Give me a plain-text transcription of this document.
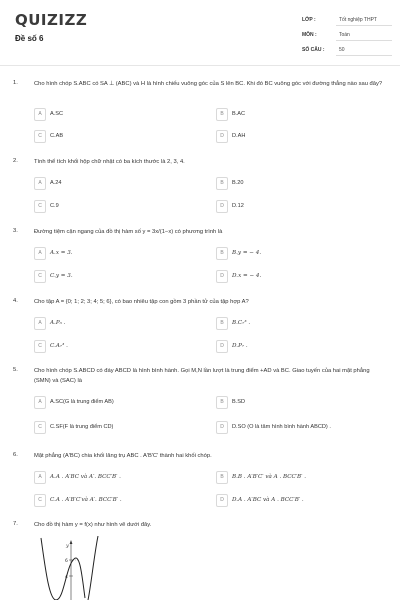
QUIZIZZ
Đề số 6
LỚP :	Tốt nghiệp THPT
MÔN :	Toán
SỐ CÂU :	50
1.	Cho hình chóp S.ABC có SA ⊥ (ABC) và H là hình chiếu vuông góc của S lên BC. Khi đó BC vuông góc với đường thẳng nào sau đây?
A	A.SC	B	B.AC
C	C.AB	D	D.AH
2.	Tính thể tích khối hộp chữ nhật có ba kích thước là 2, 3, 4.
A	A.24	B	B.20
C	C.9	D	D.12
3.	Đường tiệm cận ngang của đồ thị hàm số y = 3x/(1−x) có phương trình là
A	A.x = 3.	B	B.y = − 4.
C	C.y = 3.	D	D.x = − 4.
4.	Cho tập A = {0; 1; 2; 3; 4; 5; 6}, có bao nhiêu tập con gồm 3 phần tử của tập hợp A?
A	A.P₃ .	B	B.C₇³ .
C	C.A₇³ .	D	D.P₇ .
5.	Cho hình chóp S.ABCD có đáy ABCD là hình bình hành. Gọi M,N lần lượt là trung điểm +AD và BC. Giao tuyến của hai mặt phẳng (SMN) và (SAC) là
A	A.SC(G là trung điểm AB)	B	B.SD
C	C.SF(F là trung điểm CD)	D	D.SO (O là tâm hình bình hành ABCD) .
6.	Mặt phẳng (A′BC) chia khối lăng trụ ABC . A′B′C′ thành hai khối chóp.
A	A.A . A′BC và A′. BCC′B′ .	B	B.B . A′B′C′ và A . BCC′B′ .
C	C.A . A′B′C′và A′. BCC′B′ .	D	D.A . A′BC và A . BCC′B′ .
7.	Cho đồ thị hàm y = f(x) như hình vẽ dưới đây.
y
6
4
